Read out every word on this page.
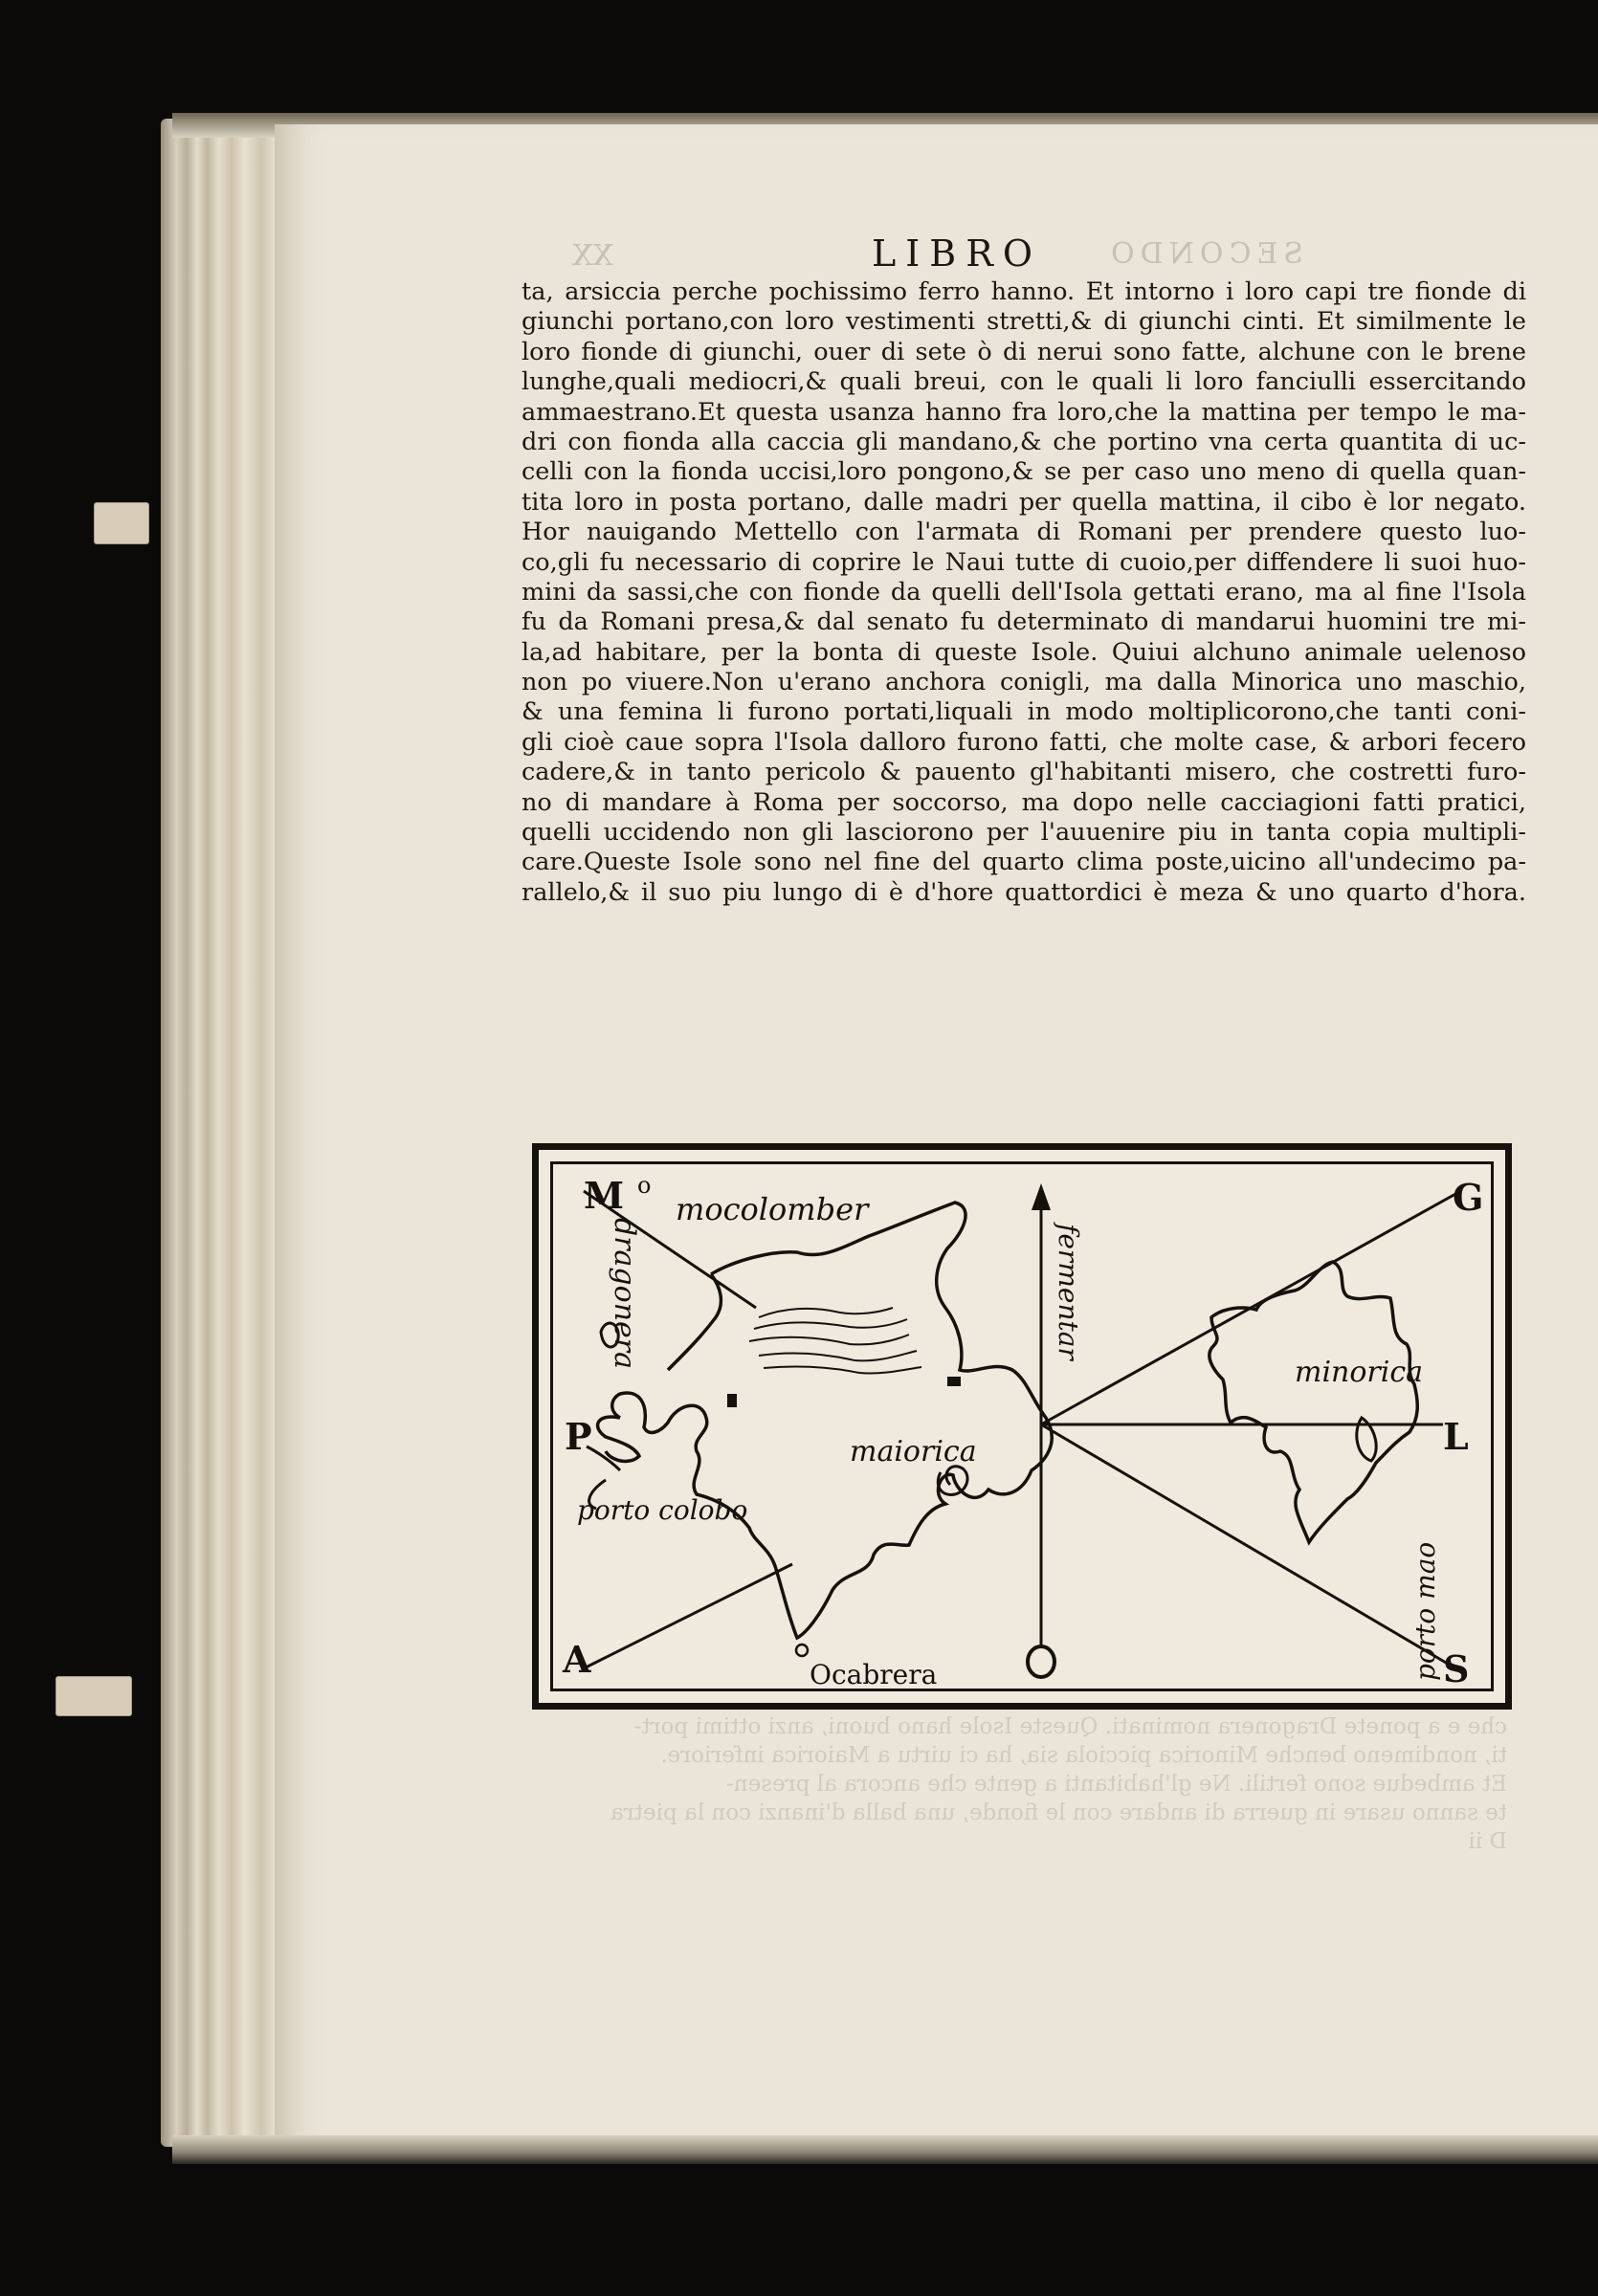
XX	LIBRO	SECONDO
ta, arsiccia perche pochissimo ferro hanno. Et intorno i loro capi tre fionde di
giunchi portano,con loro vestimenti stretti,& di giunchi cinti. Et similmente le
loro fionde di giunchi, ouer di sete ò di nerui sono fatte, alchune con le brene
lunghe,quali mediocri,& quali breui, con le quali li loro fanciulli essercitando
ammaestrano.Et questa usanza hanno fra loro,che la mattina per tempo le ma-
dri con fionda alla caccia gli mandano,& che portino vna certa quantita di uc-
celli con la fionda uccisi,loro pongono,& se per caso uno meno di quella quan-
tita loro in posta portano, dalle madri per quella mattina, il cibo è lor negato.
Hor nauigando Mettello con l'armata di Romani per prendere questo luo-
co,gli fu necessario di coprire le Naui tutte di cuoio,per diffendere li suoi huo-
mini da sassi,che con fionde da quelli dell'Isola gettati erano, ma al fine l'Isola
fu da Romani presa,& dal senato fu determinato di mandarui huomini tre mi-
la,ad habitare, per la bonta di queste Isole. Quiui alchuno animale uelenoso
non po viuere.Non u'erano anchora conigli, ma dalla Minorica uno maschio,
& una femina li furono portati,liquali in modo moltiplicorono,che tanti coni-
gli cioè caue sopra l'Isola dalloro furono fatti, che molte case, & arbori fecero
cadere,& in tanto pericolo & pauento gl'habitanti misero, che costretti furo-
no di mandare à Roma per soccorso, ma dopo nelle cacciagioni fatti pratici,
quelli uccidendo non gli lasciorono per l'auuenire piu in tanta copia multipli-
care.Queste Isole sono nel fine del quarto clima poste,uicino all'undecimo pa-
rallelo,& il suo piu lungo di è d'hore quattordici è meza & uno quarto d'hora.
che e a ponete Dragonera nominati. Queste Isole hano buoni, anzi ottimi port-
ti, nondimeno benche Minorica picciola sia, ha ci uirtu a Maiorica inferiore.
Et ambedue sono fertili. Ne gl'habitanti a gente che ancora al presen-
te sanno usare in guerra di andare con le fionde, una balla d'inanzi con la pietra
D ii
mocolomber
dragonera
porto colobo
maiorica
Ocabrera
minorica
porto mao
fermentar
M o	G
P	L
A	S
